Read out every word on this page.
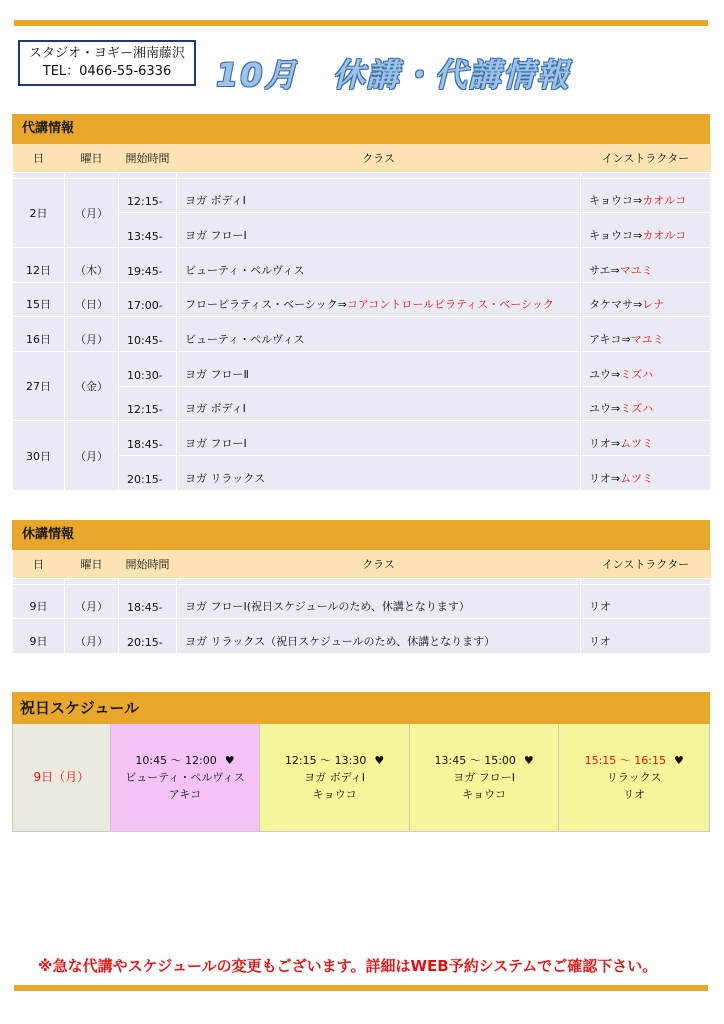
スタジオ・ヨギー湘南藤沢
TEL：0466-55-6336	10月　休講・代講情報
代講情報
日	曜日	開始時間	クラス	インストラクター

2日	（月）	12:15-	ヨガ ボディⅠ	キョウコ⇒カオルコ
		13:45-	ヨガ フローⅠ	キョウコ⇒カオルコ
12日	（木）	19:45-	ビューティ・ペルヴィス	サエ⇒マユミ
15日	（日）	17:00-	フローピラティス・ベーシック⇒コアコントロールピラティス・ベーシック	タケマサ⇒レナ
16日	（月）	10:45-	ビューティ・ペルヴィス	アキコ⇒マユミ
27日	（金）	10:30-	ヨガ フローⅡ	ユウ⇒ミズハ
		12:15-	ヨガ ボディⅠ	ユウ⇒ミズハ
30日	（月）	18:45-	ヨガ フローⅠ	リオ⇒ムツミ
		20:15-	ヨガ リラックス	リオ⇒ムツミ
休講情報
日	曜日	開始時間	クラス	インストラクター

9日	（月）	18:45-	ヨガ フローⅠ(祝日スケジュールのため、休講となります）	リオ
9日	（月）	20:15-	ヨガ リラックス（祝日スケジュールのため、休講となります）	リオ
祝日スケジュール
9日（月）
10:45 ～ 12:00 ♥
ビューティ・ペルヴィス
アキコ
12:15 ～ 13:30 ♥
ヨガ ボディⅠ
キョウコ
13:45 ～ 15:00 ♥
ヨガ フローⅠ
キョウコ
15:15 ～ 16:15 ♥
リラックス
リオ
※急な代講やスケジュールの変更もございます。詳細はWEB予約システムでご確認下さい。
